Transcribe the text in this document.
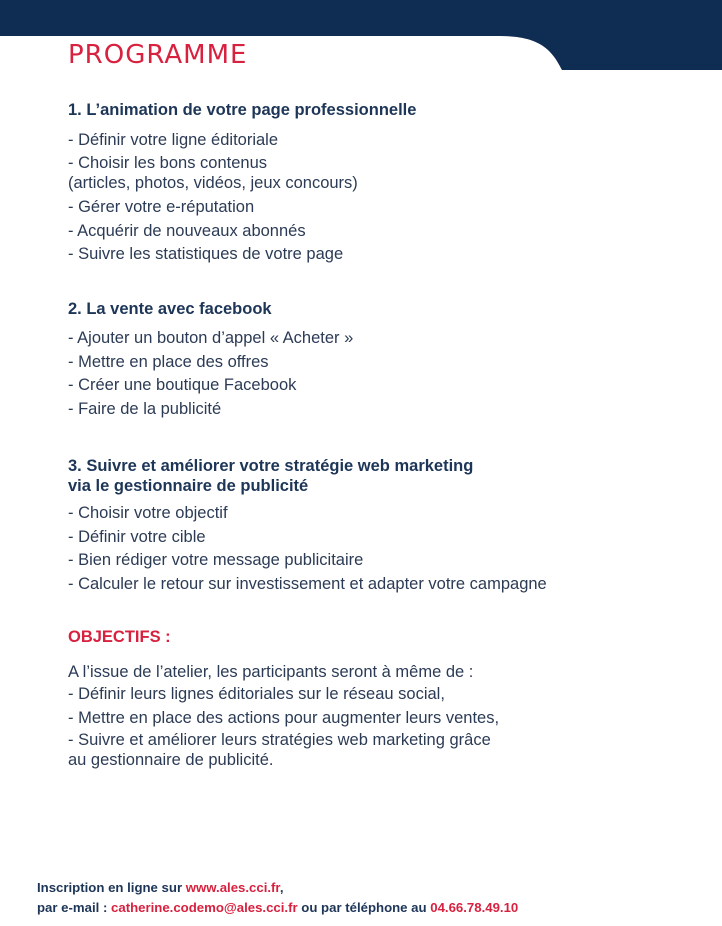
PROGRAMME
1. L’animation de votre page professionnelle
- Définir votre ligne éditoriale
- Choisir les bons contenus
(articles, photos, vidéos, jeux concours)
- Gérer votre e-réputation
- Acquérir de nouveaux abonnés
- Suivre les statistiques de votre page
2. La vente avec facebook
- Ajouter un bouton d’appel « Acheter »
- Mettre en place des offres
- Créer une boutique Facebook
- Faire de la publicité
3. Suivre et améliorer votre stratégie web marketing
via le gestionnaire de publicité
- Choisir votre objectif
- Définir votre cible
- Bien rédiger votre message publicitaire
- Calculer le retour sur investissement et adapter votre campagne
OBJECTIFS :

A l’issue de l’atelier, les participants seront à même de :

- Définir leurs lignes éditoriales sur le réseau social,
- Mettre en place des actions pour augmenter leurs ventes,
- Suivre et améliorer leurs stratégies web marketing grâce
au gestionnaire de publicité.
Inscription en ligne sur www.ales.cci.fr,
par e-mail : catherine.codemo@ales.cci.fr ou par téléphone au 04.66.78.49.10
